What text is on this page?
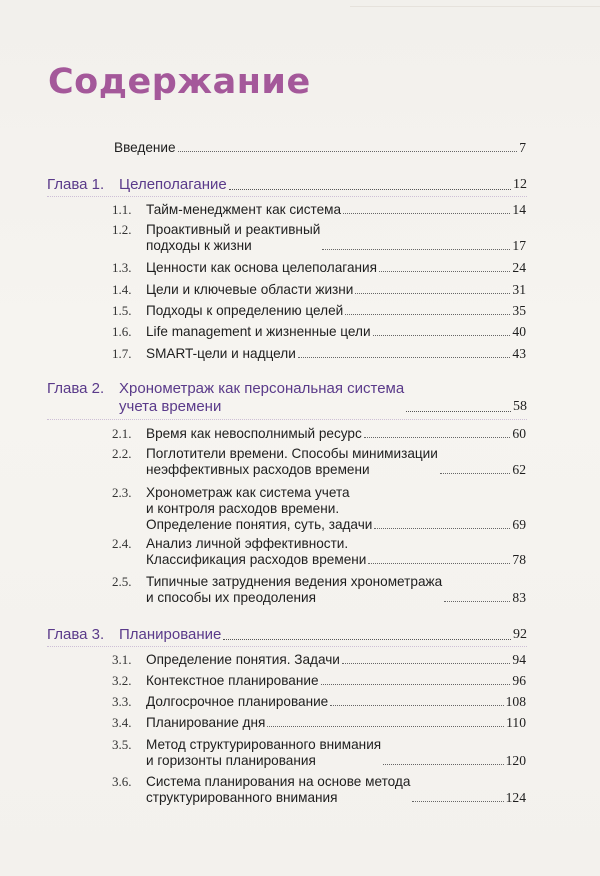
Содержание
Введение	7
Глава 1. Целеполагание	12
1.1.	Тайм-менеджмент как система	14
1.2.	Проактивный и реактивный
подходы к жизни	17
1.3.	Ценности как основа целеполагания	24
1.4.	Цели и ключевые области жизни	31
1.5.	Подходы к определению целей	35
1.6.	Life management и жизненные цели	40
1.7.	SMART-цели и надцели	43
Глава 2. Хронометраж как персональная система
учета времени	58
2.1.	Время как невосполнимый ресурс	60
2.2.	Поглотители времени. Способы минимизации
неэффективных расходов времени	62
2.3.	Хронометраж как система учета
и контроля расходов времени.
Определение понятия, суть, задачи	69
2.4.	Анализ личной эффективности.
Классификация расходов времени	78
2.5.	Типичные затруднения ведения хронометража
и способы их преодоления	83
Глава 3. Планирование	92
3.1.	Определение понятия. Задачи	94
3.2.	Контекстное планирование	96
3.3.	Долгосрочное планирование	108
3.4.	Планирование дня	110
3.5.	Метод структурированного внимания
и горизонты планирования	120
3.6.	Система планирования на основе метода
структурированного внимания	124
